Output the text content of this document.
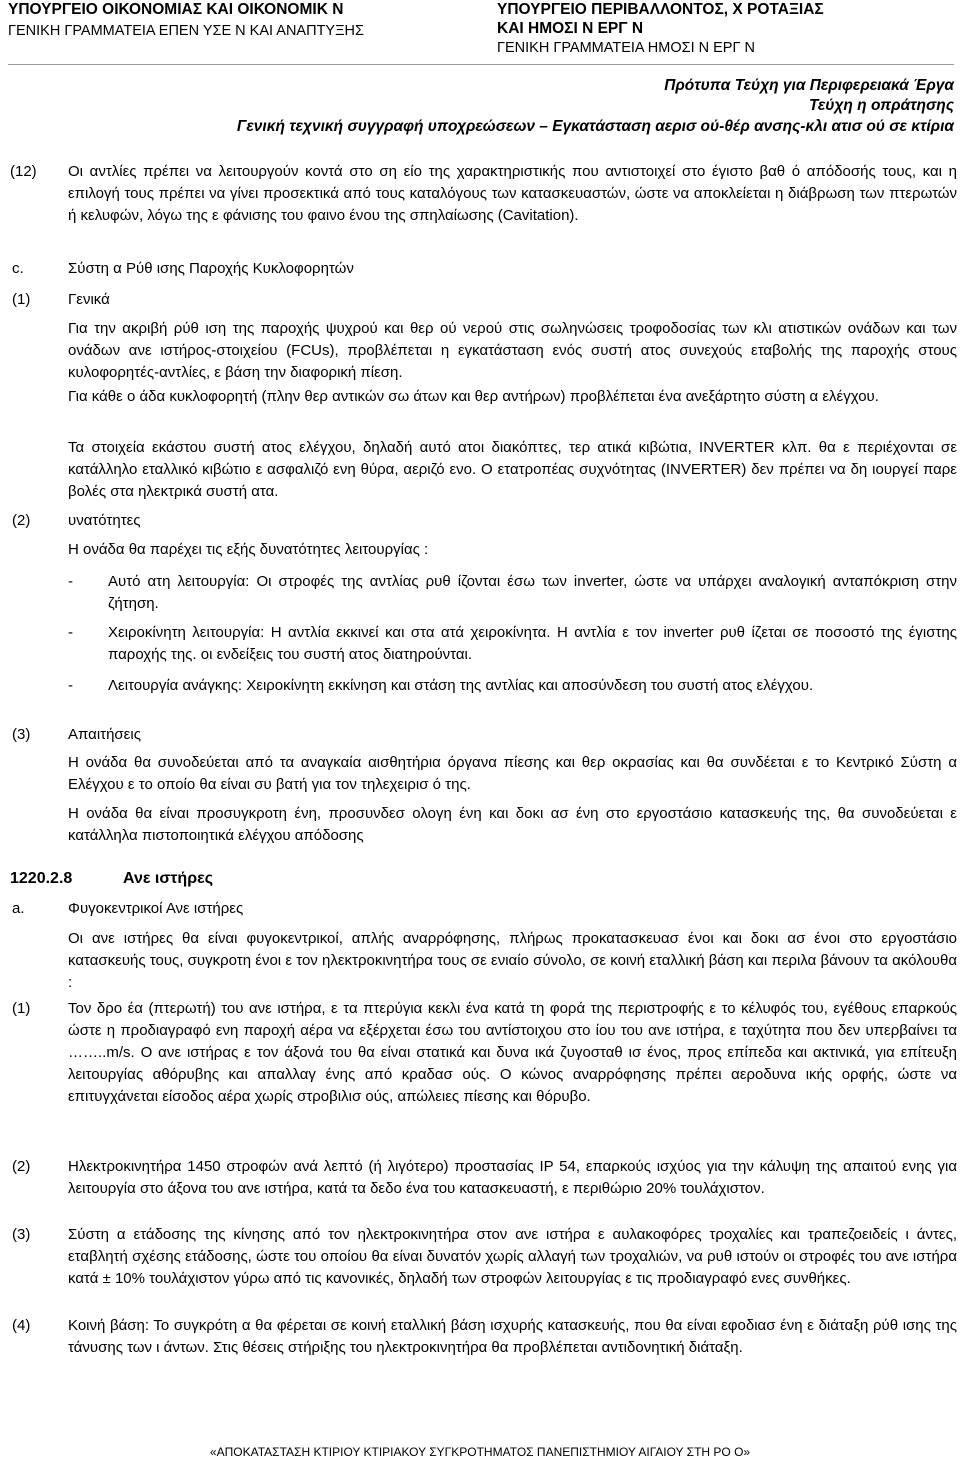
ΥΠΟΥΡΓΕΙΟ ΟΙΚΟΝΟΜΙΑΣ ΚΑΙ ΟΙΚΟΝΟΜΙΚ Ν
ΓΕΝΙΚΗ ΓΡΑΜΜΑΤΕΙΑ ΕΠΕΝ ΥΣΕ Ν ΚΑΙ ΑΝΑΠΤΥΞΗΣ
ΥΠΟΥΡΓΕΙΟ ΠΕΡΙΒΑΛΛΟΝΤΟΣ, Χ ΡΟΤΑΞΙΑΣ
ΚΑΙ ΗΜΟΣΙ Ν ΕΡΓ Ν
ΓΕΝΙΚΗ ΓΡΑΜΜΑΤΕΙΑ ΗΜΟΣΙ Ν ΕΡΓ Ν
Πρότυπα Τεύχη για Περιφερειακά Έργα
Τεύχη η οπράτησης
Γενική τεχνική συγγραφή υποχρεώσεων – Εγκατάσταση αερισ ού-θέρ ανσης-κλι ατισ ού σε κτίρια
(12) Οι αντλίες πρέπει να λειτουργούν κοντά στο ση είο της χαρακτηριστικής που αντιστοιχεί στο έγιστο βαθ ό απόδοσής τους, και η επιλογή τους πρέπει να γίνει προσεκτικά από τους καταλόγους των κατασκευαστών, ώστε να αποκλείεται η διάβρωση των πτερωτών ή κελυφών, λόγω της ε φάνισης του φαινο ένου της σπηλαίωσης (Cavitation).
c.	Σύστη α Ρύθ ισης Παροχής Κυκλοφορητών
(1)	Γενικά
Για την ακριβή ρύθ ιση της παροχής ψυχρού και θερ ού νερού στις σωληνώσεις τροφοδοσίας των κλι ατιστικών ονάδων και των ονάδων ανε ιστήρος-στοιχείου (FCUs), προβλέπεται η εγκατάσταση ενός συστή ατος συνεχούς εταβολής της παροχής στους κυλοφορητές-αντλίες, ε βάση την διαφορική πίεση.
Για κάθε ο άδα κυκλοφορητή (πλην θερ αντικών σω άτων και θερ αντήρων) προβλέπεται ένα ανεξάρτητο σύστη α ελέγχου.
Τα στοιχεία εκάστου συστή ατος ελέγχου, δηλαδή αυτό ατοι διακόπτες, τερ ατικά κιβώτια, INVERTER κλπ. θα ε περιέχονται σε κατάλληλο εταλλικό κιβώτιο ε ασφαλιζό ενη θύρα, αεριζό ενο. Ο ετατροπέας συχνότητας (INVERTER) δεν πρέπει να δη ιουργεί παρε βολές στα ηλεκτρικά συστή ατα.
(2)	υνατότητες
Η ονάδα θα παρέχει τις εξής δυνατότητες λειτουργίας :
- Αυτό ατη λειτουργία: Οι στροφές της αντλίας ρυθ ίζονται έσω των inverter, ώστε να υπάρχει αναλογική ανταπόκριση στην ζήτηση.
- Χειροκίνητη λειτουργία: Η αντλία εκκινεί και στα ατά χειροκίνητα. Η αντλία ε τον inverter ρυθ ίζεται σε ποσοστό της έγιστης παροχής της. οι ενδείξεις του συστή ατος διατηρούνται.
- Λειτουργία ανάγκης: Χειροκίνητη εκκίνηση και στάση της αντλίας και αποσύνδεση του συστή ατος ελέγχου.
(3)	Απαιτήσεις
Η ονάδα θα συνοδεύεται από τα αναγκαία αισθητήρια όργανα πίεσης και θερ οκρασίας και θα συνδέεται ε το Κεντρικό Σύστη α Ελέγχου ε το οποίο θα είναι συ βατή για τον τηλεχειρισ ό της.
Η ονάδα θα είναι προσυγκροτη ένη, προσυνδεσ ολογη ένη και δοκι ασ ένη στο εργοστάσιο κατασκευής της, θα συνοδεύεται ε κατάλληλα πιστοποιητικά ελέγχου απόδοσης
1220.2.8	Ανε ιστήρες
a.	Φυγοκεντρικοί Ανε ιστήρες
Οι ανε ιστήρες θα είναι φυγοκεντρικοί, απλής αναρρόφησης, πλήρως προκατασκευασ ένοι και δοκι ασ ένοι στο εργοστάσιο κατασκευής τους, συγκροτη ένοι ε τον ηλεκτροκινητήρα τους σε ενιαίο σύνολο, σε κοινή εταλλική βάση και περιλα βάνουν τα ακόλουθα :
(1)	Τον δρο έα (πτερωτή) του ανε ιστήρα, ε τα πτερύγια κεκλι ένα κατά τη φορά της περιστροφής ε το κέλυφός του, εγέθους επαρκούς ώστε η προδιαγραφό ενη παροχή αέρα να εξέρχεται έσω του αντίστοιχου στο ίου του ανε ιστήρα, ε ταχύτητα που δεν υπερβαίνει τα ……..m/s. Ο ανε ιστήρας ε τον άξονά του θα είναι στατικά και δυνα ικά ζυγοσταθ ισ ένος, προς επίπεδα και ακτινικά, για επίτευξη λειτουργίας αθόρυβης και απαλλαγ ένης από κραδασ ούς. Ο κώνος αναρρόφησης πρέπει αεροδυνα ικής ορφής, ώστε να επιτυγχάνεται είσοδος αέρα χωρίς στροβιλισ ούς, απώλειες πίεσης και θόρυβο.
(2)	Ηλεκτροκινητήρα 1450 στροφών ανά λεπτό (ή λιγότερο) προστασίας IP 54, επαρκούς ισχύος για την κάλυψη της απαιτού ενης για λειτουργία στο άξονα του ανε ιστήρα, κατά τα δεδο ένα του κατασκευαστή, ε περιθώριο 20% τουλάχιστον.
(3)	Σύστη α ετάδοσης της κίνησης από τον ηλεκτροκινητήρα στον ανε ιστήρα ε αυλακοφόρες τροχαλίες και τραπεζοειδείς ι άντες, εταβλητή σχέσης ετάδοσης, ώστε του οποίου θα είναι δυνατόν χωρίς αλλαγή των τροχαλιών, να ρυθ ιστούν οι στροφές του ανε ιστήρα κατά ± 10% τουλάχιστον γύρω από τις κανονικές, δηλαδή των στροφών λειτουργίας ε τις προδιαγραφό ενες συνθήκες.
(4)	Κοινή βάση: Το συγκρότη α θα φέρεται σε κοινή εταλλική βάση ισχυρής κατασκευής, που θα είναι εφοδιασ ένη ε διάταξη ρύθ ισης της τάνυσης των ι άντων. Στις θέσεις στήριξης του ηλεκτροκινητήρα θα προβλέπεται αντιδονητική διάταξη.
«ΑΠΟΚΑΤΑΣΤΑΣΗ ΚΤΙΡΙΟΥ ΚΤΙΡΙΑΚΟΥ ΣΥΓΚΡΟΤΗΜΑΤΟΣ ΠΑΝΕΠΙΣΤΗΜΙΟΥ ΑΙΓΑΙΟΥ ΣΤΗ ΡΟ Ο»
